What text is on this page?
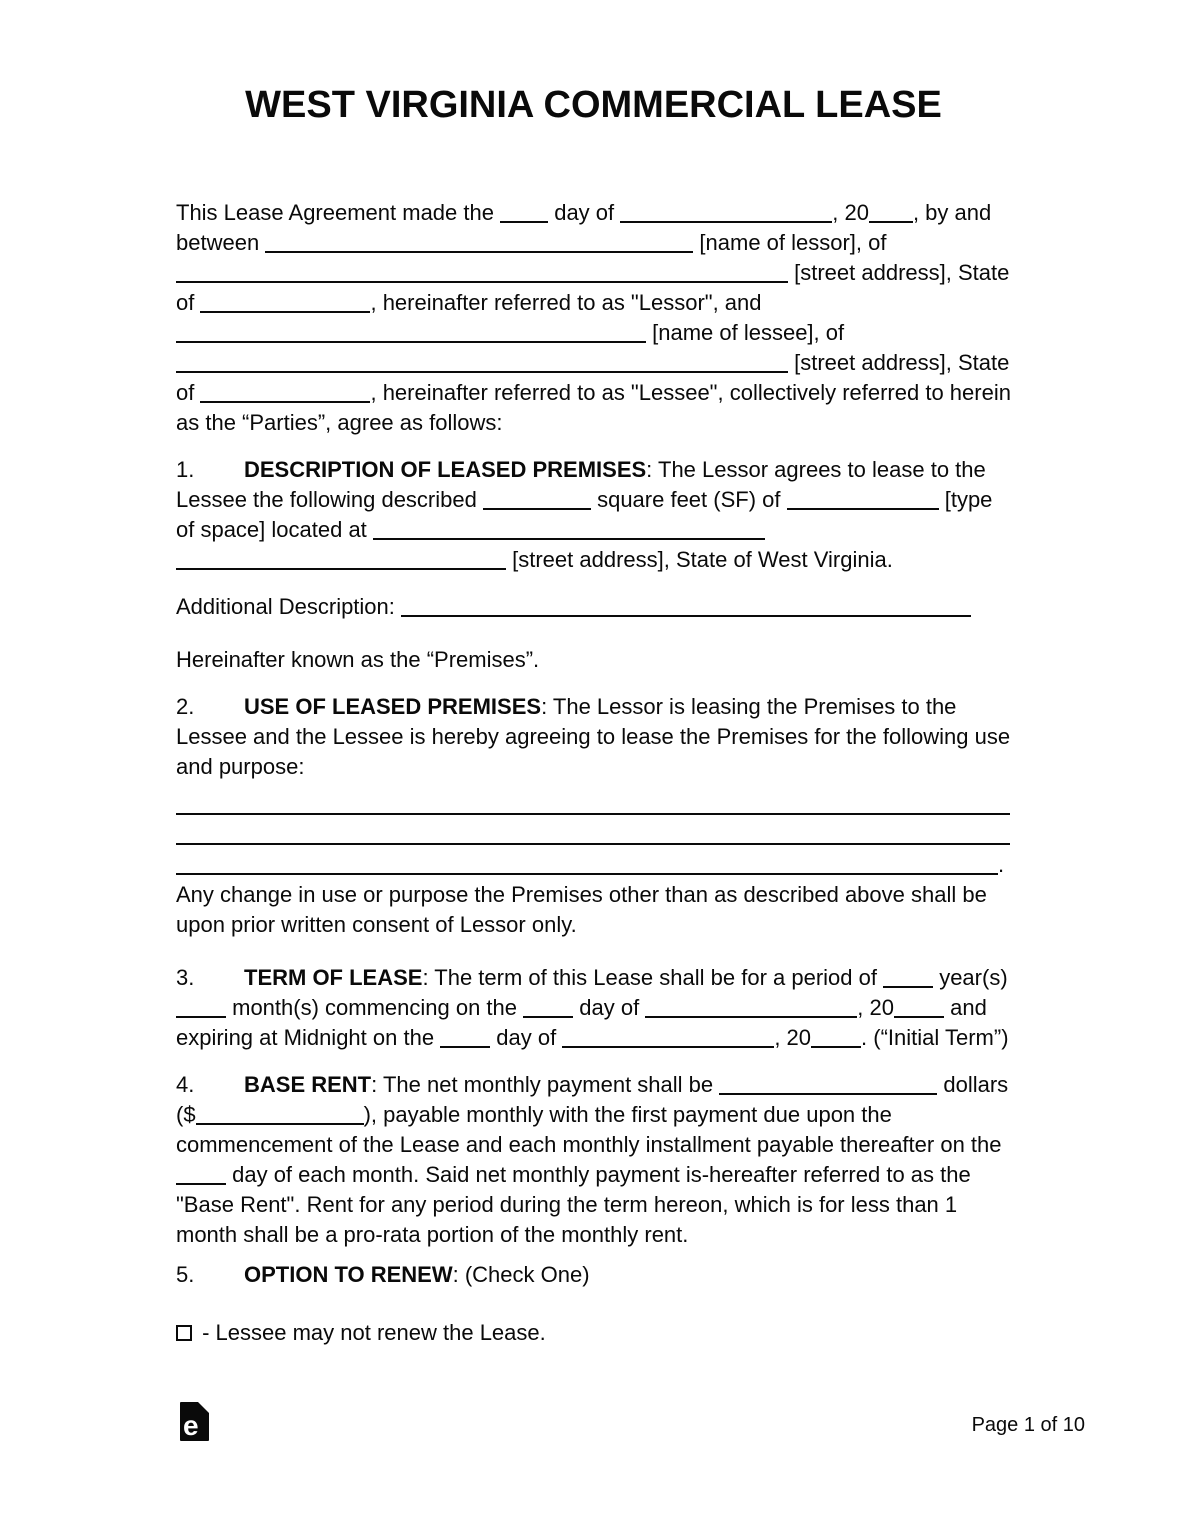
WEST VIRGINIA COMMERCIAL LEASE
This Lease Agreement made the  day of	, 20 , by and between	[name of lessor], of  [street address], State of	, hereinafter referred to as "Lessor", and  [name of lessee], of  [street address], State of	, hereinafter referred to as "Lessee", collectively referred to herein as the “Parties”, agree as follows:
1. DESCRIPTION OF LEASED PREMISES: The Lessor agrees to lease to the Lessee the following described	square feet (SF) of	[type of space] located at   [street address], State of West Virginia.
Additional Description:
Hereinafter known as the “Premises”.
2. USE OF LEASED PREMISES: The Lessor is leasing the Premises to the Lessee and the Lessee is hereby agreeing to lease the Premises for the following use and purpose:
.
Any change in use or purpose the Premises other than as described above shall be upon prior written consent of Lessor only.
3. TERM OF LEASE: The term of this Lease shall be for a period of  year(s)  month(s) commencing on the  day of	, 20 and expiring at Midnight on the  day of	, 20 . (“Initial Term”)
4. BASE RENT: The net monthly payment shall be	dollars ($	), payable monthly with the first payment due upon the commencement of the Lease and each monthly installment payable thereafter on the  day of each month. Said net monthly payment is-hereafter referred to as the "Base Rent". Rent for any period during the term hereon, which is for less than 1 month shall be a pro-rata portion of the monthly rent.
5. OPTION TO RENEW: (Check One)
- Lessee may not renew the Lease.
e	Page 1 of 10
